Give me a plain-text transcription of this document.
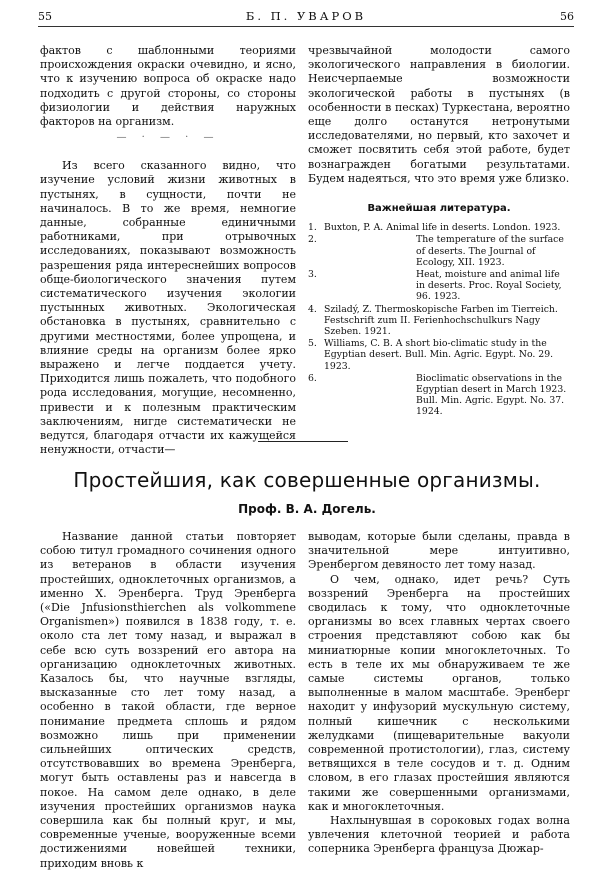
55	Б. П. УВАРОВ	56

фактов с шаблонными теориями происхождения окраски очевидно, и ясно, что к изучению вопроса об окраске надо подходить с другой стороны, со стороны физиологии и действия наружных факторов на организм.

— · — · —

Из всего сказанного видно, что изучение условий жизни животных в пустынях, в сущности, почти не начиналось. В то же время, немногие данные, собранные единичными работниками, при отрывочных исследованиях, показывают возможность разрешения ряда интереснейших вопросов обще-биологического значения путем систематического изучения экологии пустынных животных. Экологическая обстановка в пустынях, сравнительно с другими местностями, более упрощена, и влияние среды на организм более ярко выражено и легче поддается учету. Приходится лишь пожалеть, что подобного рода исследования, могущие, несомненно, привести и к полезным практическим заключениям, нигде систематически не ведутся, благодаря отчасти их кажущейся ненужности, отчасти—

чрезвычайной молодости самого экологического направления в биологии. Неисчерпаемые возможности экологической работы в пустынях (в особенности в песках) Туркестана, вероятно еще долго останутся нетронутыми исследователями, но первый, кто захочет и сможет посвятить себя этой работе, будет вознагражден богатыми результатами. Будем надеяться, что это время уже близко.

Важнейшая литература.
1. Buxton, P. A. Animal life in deserts. London. 1923.
2.	The temperature of the surface of deserts. The Journal of Ecology, XII. 1923.
3.	Heat, moisture and animal life in deserts. Proc. Royal Society, 96. 1923.
4. Sziladý, Z. Thermoskopische Farben im Tierreich. Festschrift zum II. Ferienhochschulkurs Nagy Szeben. 1921.
5. Williams, C. B. A short bio-climatic study in the Egyptian desert. Bull. Min. Agric. Egypt. No. 29. 1923.
6.	Bioclimatic observations in the Egyptian desert in March 1923. Bull. Min. Agric. Egypt. No. 37. 1924.
Простейшия, как совершенные организмы.
Проф. В. А. Догель.

Название данной статьи повторяет собою титул громадного сочинения одного из ветеранов в области изучения простейших, одноклеточных организмов, а именно Х. Эренберга. Труд Эренберга («Die Jnfusionsthierchen als volkommene Organismen») появился в 1838 году, т. е. около ста лет тому назад, и выражал в себе всю суть воззрений его автора на организацию одноклеточных животных. Казалось бы, что научные взгляды, высказанные сто лет тому назад, а особенно в такой области, где верное понимание предмета сплошь и рядом возможно лишь при применении сильнейших оптических средств, отсутствовавших во времена Эренберга, могут быть оставлены раз и навсегда в покое. На самом деле однако, в деле изучения простейших организмов наука совершила как бы полный круг, и мы, современные ученые, вооруженные всеми достижениями новейшей техники, приходим вновь к

выводам, которые были сделаны, правда в значительной мере интуитивно, Эренбергом девяносто лет тому назад.

О чем, однако, идет речь? Суть воззрений Эренберга на простейших сводилась к тому, что одноклеточные организмы во всех главных чертах своего строения представляют собою как бы миниатюрные копии многоклеточных. То есть в теле их мы обнаруживаем те же самые системы органов, только выполненные в малом масштабе. Эренберг находит у инфузорий мускульную систему, полный кишечник с несколькими желудками (пищеварительные вакуоли современной протистологии), глаз, систему ветвящихся в теле сосудов и т. д. Одним словом, в его глазах простейшия являются такими же совершенными организмами, как и многоклеточныя.

Нахлынувшая в сороковых годах волна увлечения клеточной теорией и работа соперника Эренберга француза Дюжар-
